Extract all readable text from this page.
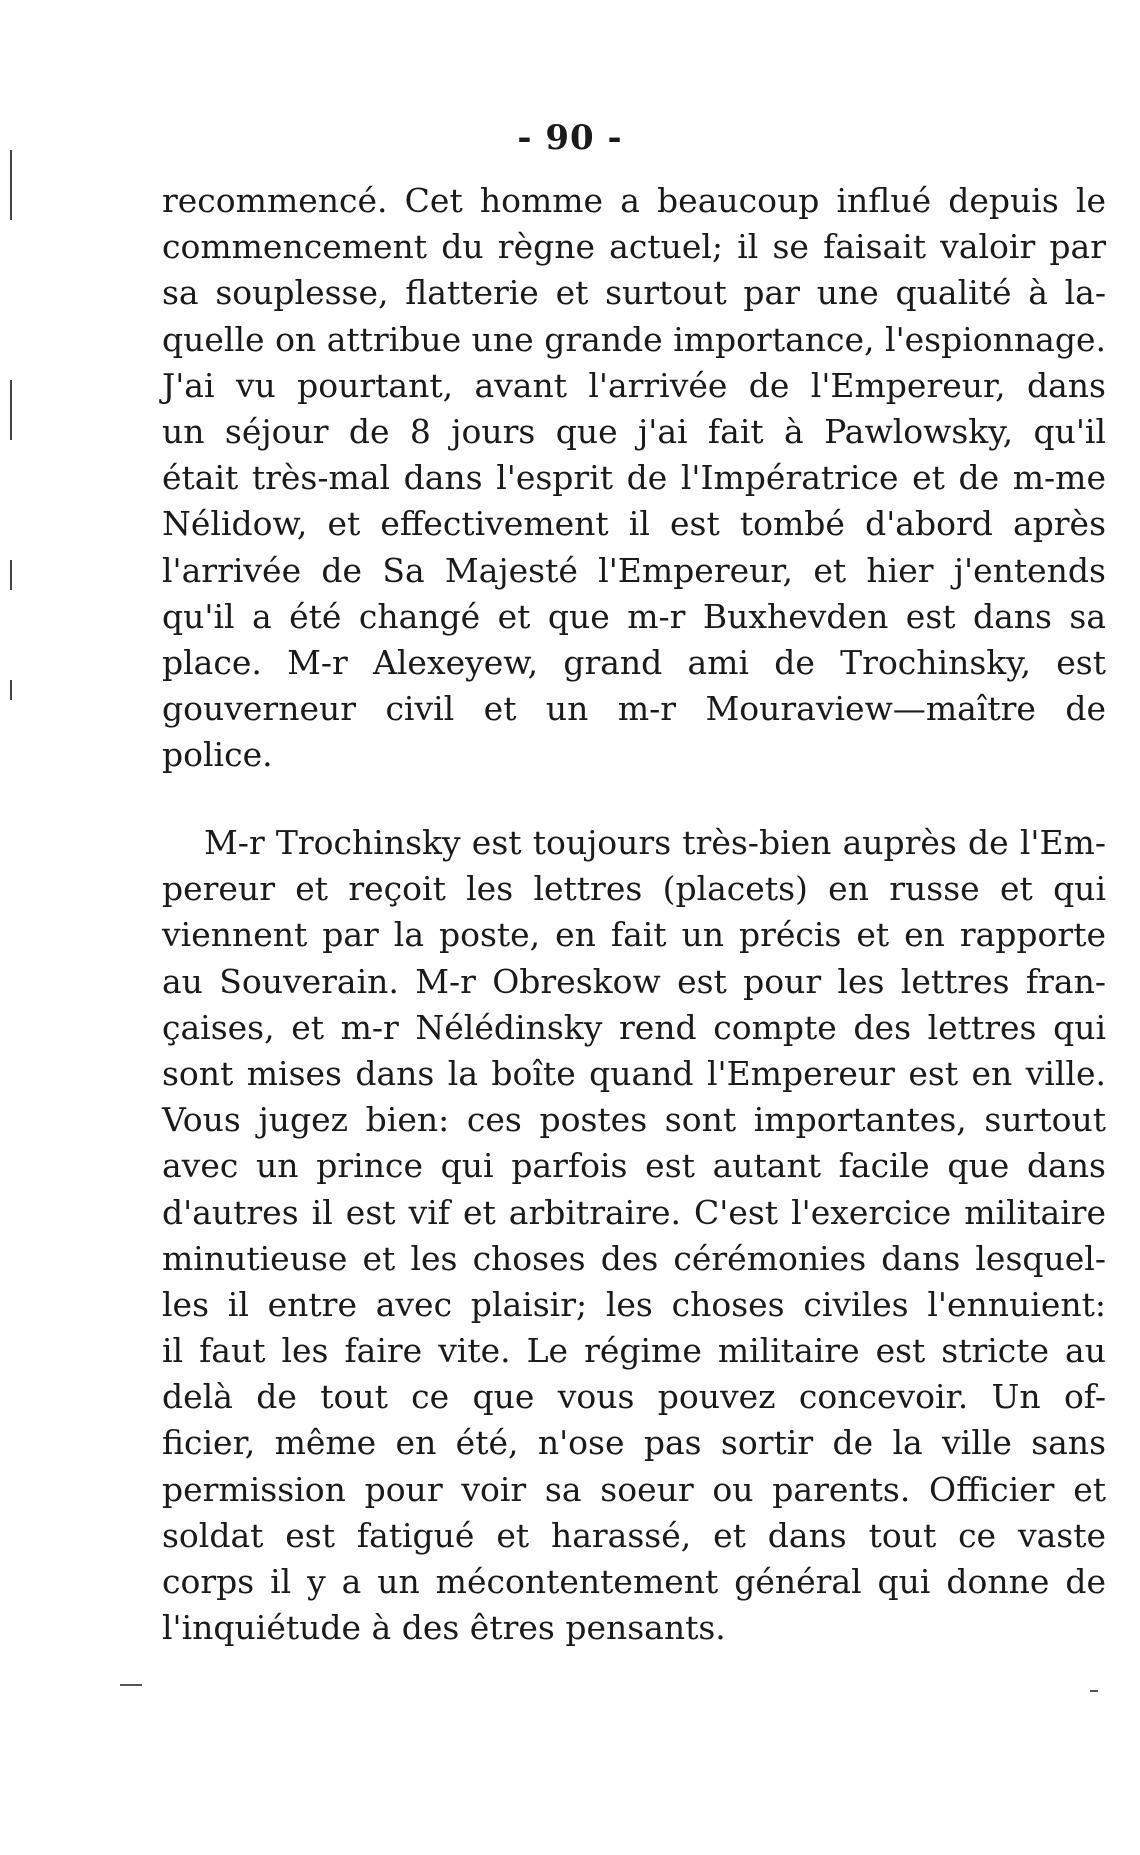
- 90 -
recommencé. Cet homme a beaucoup influé depuis le
commencement du règne actuel; il se faisait valoir par
sa souplesse, flatterie et surtout par une qualité à la-
quelle on attribue une grande importance, l'espionnage.
J'ai vu pourtant, avant l'arrivée de l'Empereur, dans
un séjour de 8 jours que j'ai fait à Pawlowsky, qu'il
était très-mal dans l'esprit de l'Impératrice et de m-me
Nélidow, et effectivement il est tombé d'abord après
l'arrivée de Sa Majesté l'Empereur, et hier j'entends
qu'il a été changé et que m-r Buxhevden est dans sa
place. M-r Alexeyew, grand ami de Trochinsky, est
gouverneur civil et un m-r Mouraview—maître de
police.
M-r Trochinsky est toujours très-bien auprès de l'Em-
pereur et reçoit les lettres (placets) en russe et qui
viennent par la poste, en fait un précis et en rapporte
au Souverain. M-r Obreskow est pour les lettres fran-
çaises, et m-r Nélédinsky rend compte des lettres qui
sont mises dans la boîte quand l'Empereur est en ville.
Vous jugez bien: ces postes sont importantes, surtout
avec un prince qui parfois est autant facile que dans
d'autres il est vif et arbitraire. C'est l'exercice militaire
minutieuse et les choses des cérémonies dans lesquel-
les il entre avec plaisir; les choses civiles l'ennuient:
il faut les faire vite. Le régime militaire est stricte au
delà de tout ce que vous pouvez concevoir. Un of-
ficier, même en été, n'ose pas sortir de la ville sans
permission pour voir sa soeur ou parents. Officier et
soldat est fatigué et harassé, et dans tout ce vaste
corps il y a un mécontentement général qui donne de
l'inquiétude à des êtres pensants.
